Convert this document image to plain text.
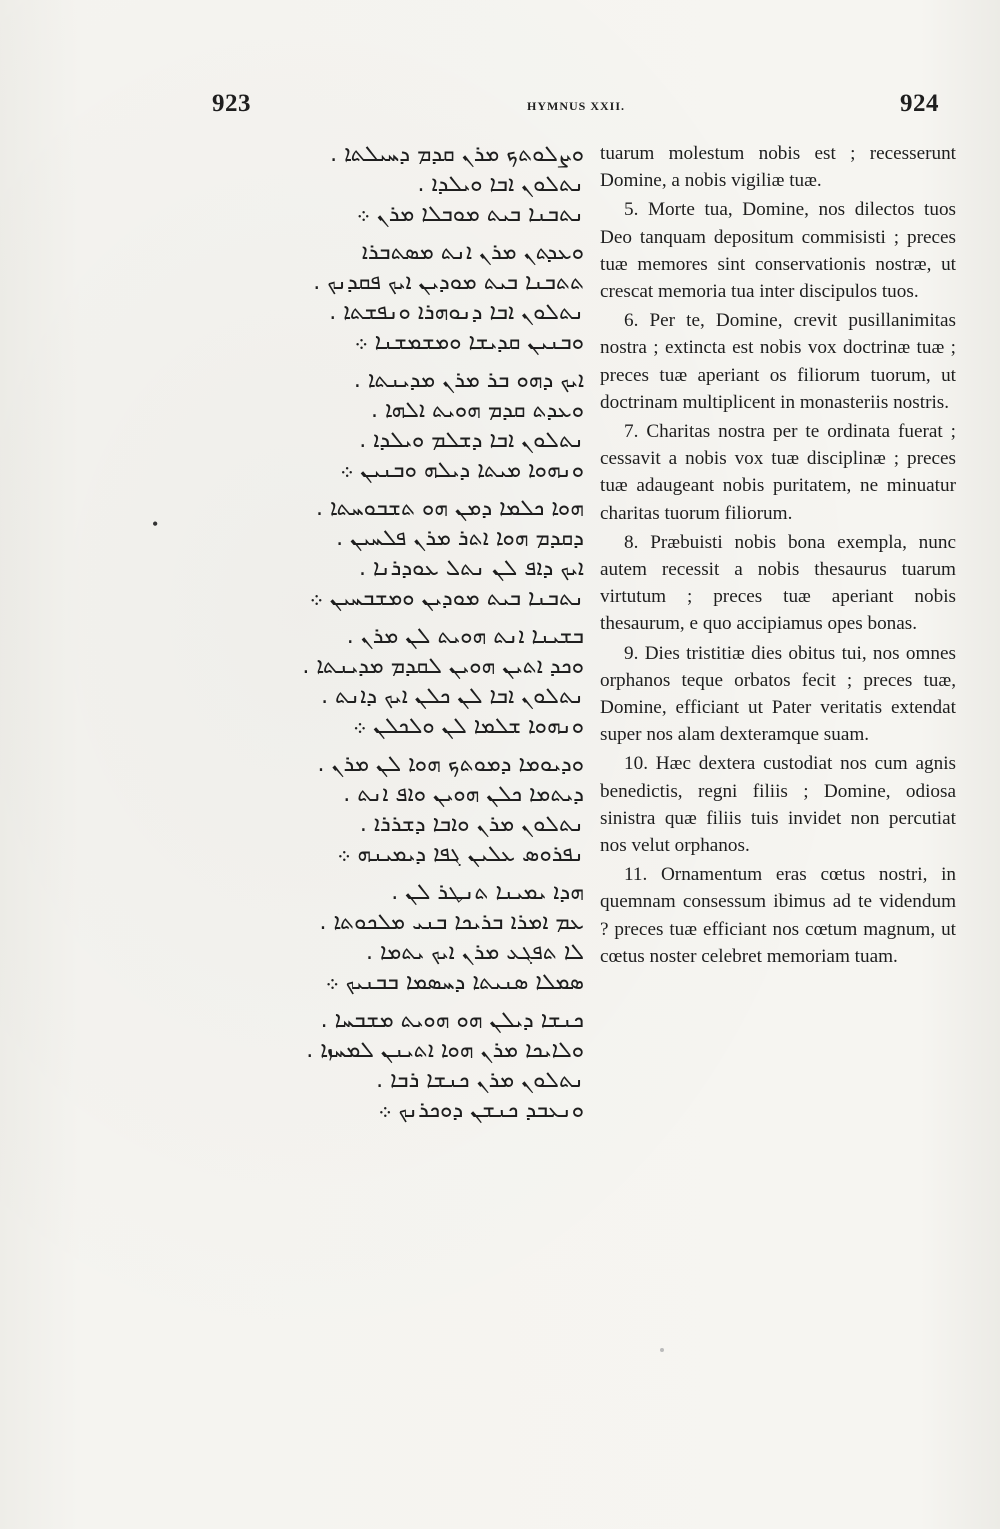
923	HYMNUS XXII.	924
•
ܘܨܠܘܬܟ ܡܪܢ ܩܕܡ ܕܚܝܠܬܐ .
ܢܬܠܘܢ ܐܒܐ ܘܝܠܕܐ .
ܢܬܒܢܐ ܒܝܬ ܡܘܒܠܐ ܡܪܢ ܀
ܘܥܕܬܢ ܡܪܢ ܐܢܬ ܡܣܬܒܪܐ
ܬܬܒܢܐ ܒܝܬ ܡܘܕܝܢ ܐܝܟ ܦܩܕܢܟ .
ܢܬܠܘܢ ܐܒܐ ܕܢܘܗܪܐ ܘܢܦܫܬܐ .
ܘܒܢܝܢ ܩܕܝܫܐ ܘܡܫܡܫܢܐ ܀
ܐܝܟ ܕܗܘ ܒܪ ܡܪܢ ܡܕܝܢܬܐ .
ܘܥܕܬ ܩܕܡ ܗܘܝܬ ܐܠܗܐ .
ܢܬܠܘܢ ܐܒܐ ܕܫܠܡ ܘܝܠܕܐ .
ܘܢܗܘܐ ܡܝܬܐ ܕܝܠܗ ܘܒܢܝܢ ܀
ܗܘܐ ܟܠܡܐ ܕܡܢ ܗܘ ܬܫܒܘܚܬܐ .
ܕܩܕܡ ܗܘܐ ܐܬܪ ܡܪܢ ܦܠܚܝܢ .
ܐܝܟ ܕܐܦ ܠܢ ܢܬܠ ܥܘܕܪܢܐ .
ܢܬܒܢܐ ܒܝܬ ܡܘܕܝܢ ܘܡܫܒܚܝܢ ܀
ܒܫܝܢܐ ܐܢܬ ܗܘܝܬ ܠܢ ܡܪܢ .
ܘܟܕ ܐܬܝܢ ܗܘܝܢ ܠܩܕܡ ܡܕܝܢܬܐ .
ܢܬܠܘܢ ܐܒܐ ܠܢ ܟܠܢ ܐܝܟ ܕܐܢܬ .
ܘܢܗܘܐ ܫܠܡܐ ܠܢ ܘܠܟܠܢ ܀
ܘܕܝܘܡܐ ܕܡܘܬܟ ܗܘܐ ܠܢ ܡܪܢ .
ܕܝܬܡܐ ܟܠܢ ܗܘܝܢ ܘܐܦ ܐܢܬ .
ܢܬܠܘܢ ܡܪܢ ܘܐܒܐ ܕܫܪܪܐ .
ܢܦܪܘܣ ܥܠܝܢ ܓܦܐ ܕܝܡܝܢܗ ܀
ܗܕܐ ܝܡܝܢܐ ܬܢܛܪ ܠܢ .
ܥܡ ܐܡܪܐ ܒܪܝܟܐ ܒܢܝ ܡܠܟܘܬܐ .
ܠܐ ܬܦܓܥ ܡܪܢ ܐܝܟ ܝܬܡܐ .
ܣܡܠܐ ܣܢܝܬܐ ܕܚܣܡܐ ܒܒܢܝܟ ܀
ܟܢܫܐ ܕܝܠܢ ܗܘ ܗܘܝܬ ܡܫܒܚܐ .
ܘܠܐܝܟܐ ܡܪܢ ܗܘܐ ܐܬܝܢܢ ܠܡܚܙܐ .
ܢܬܠܘܢ ܡܪܢ ܟܢܫܐ ܪܒܐ .
ܘܢܥܒܕ ܟܢܫܢ ܕܘܟܪܢܟ ܀

tuarum molestum nobis est ; recesserunt Domine, a nobis vigiliæ tuæ.

5. Morte tua, Domine, nos dilectos tuos Deo tanquam depositum commisisti ; preces tuæ memores sint conservationis nostræ, ut crescat memoria tua inter discipulos tuos.

6. Per te, Domine, crevit pusillanimitas nostra ; extincta est nobis vox doctrinæ tuæ ; preces tuæ aperiant os filiorum tuorum, ut doctrinam multiplicent in monasteriis nostris.

7. Charitas nostra per te ordinata fuerat ; cessavit a nobis vox tuæ disciplinæ ; preces tuæ adaugeant nobis puritatem, ne minuatur charitas tuorum filiorum.

8. Præbuisti nobis bona exempla, nunc autem recessit a nobis thesaurus tuarum virtutum ; preces tuæ aperiant nobis thesaurum, e quo accipiamus opes bonas.

9. Dies tristitiæ dies obitus tui, nos omnes orphanos teque orbatos fecit ; preces tuæ, Domine, efficiant ut Pater veritatis extendat super nos alam dexteramque suam.

10. Hæc dextera custodiat nos cum agnis benedictis, regni filiis ; Domine, odiosa sinistra quæ filiis tuis invidet non percutiat nos velut orphanos.

11. Ornamentum eras cœtus nostri, in quemnam consessum ibimus ad te videndum ? preces tuæ efficiant nos cœtum magnum, ut cœtus noster celebret memoriam tuam.
